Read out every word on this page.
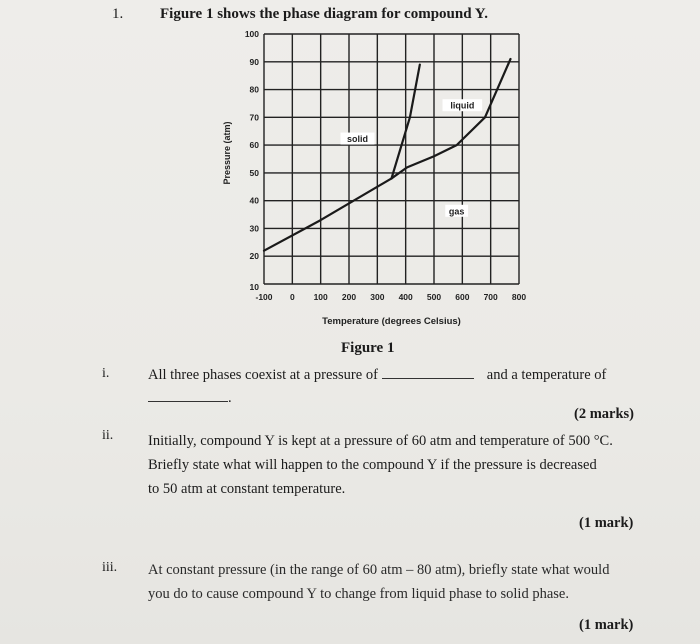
1. Figure 1 shows the phase diagram for compound Y.
-100 0 100 200 300 400 500 600 700 800
10
20
30
40
50
60
70
80
90
100
Temperature (degrees Celsius)
Pressure (atm)	solid
liquid
gas
Figure 1
i.	All three phases coexist at a pressure of	and a temperature of
.
(2 marks)
ii. Initially, compound Y is kept at a pressure of 60 atm and temperature of 500 °C.
Briefly state what will happen to the compound Y if the pressure is decreased
to 50 atm at constant temperature.
(1 mark)
iii. At constant pressure (in the range of 60 atm – 80 atm), briefly state what would
you do to cause compound Y to change from liquid phase to solid phase.
(1 mark)
